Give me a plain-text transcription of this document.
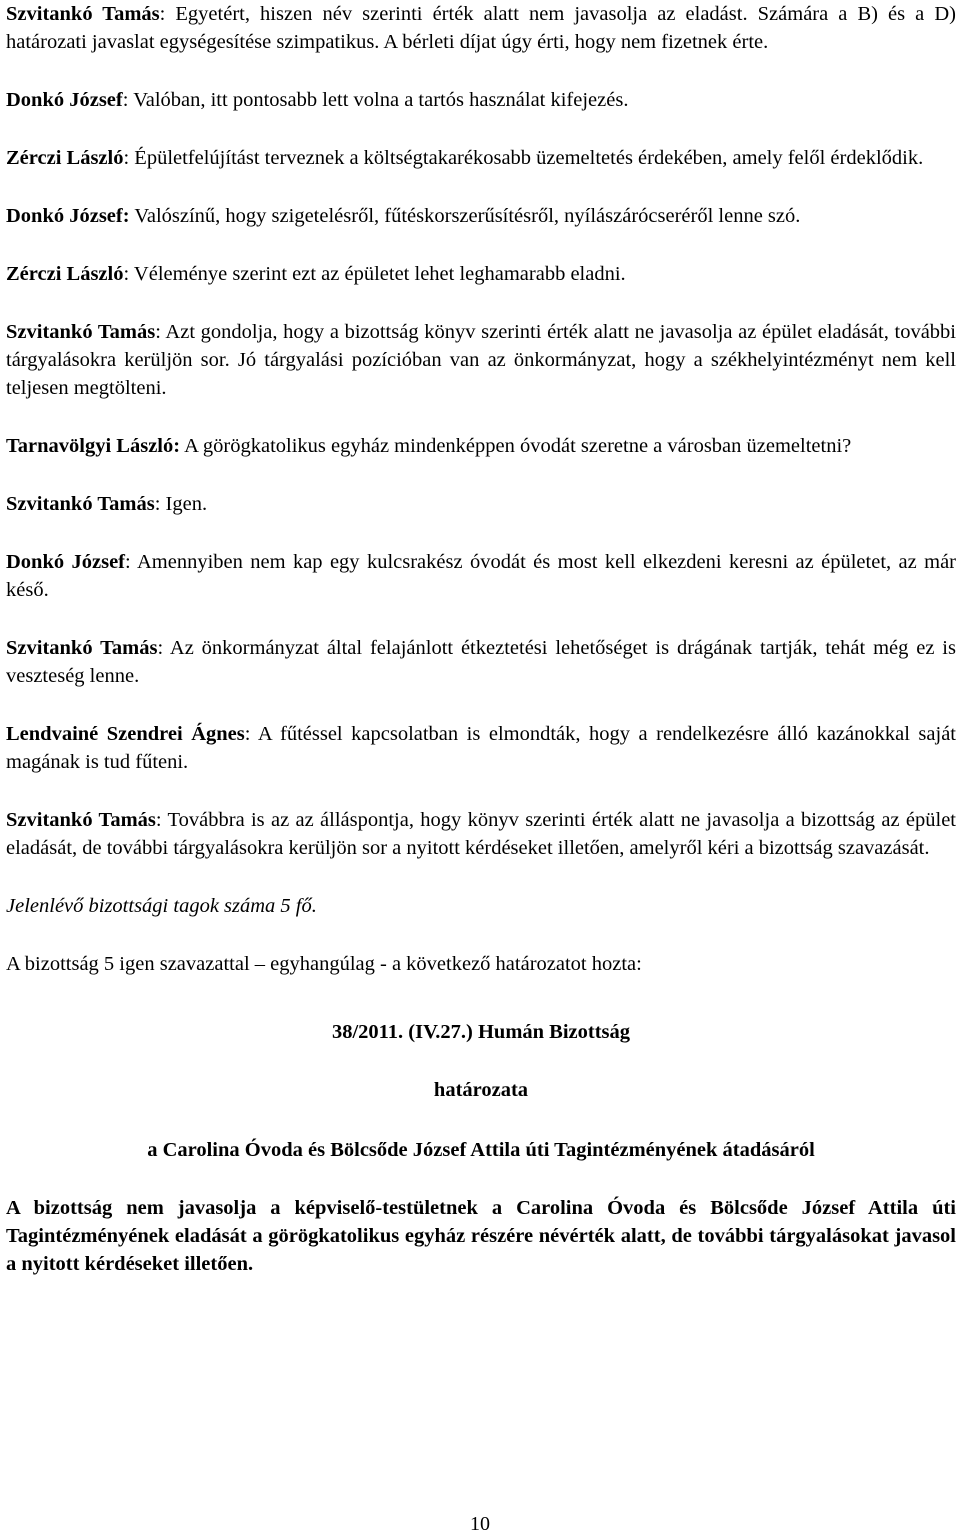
Szvitankó Tamás: Egyetért, hiszen név szerinti érték alatt nem javasolja az eladást. Számára a B) és a D) határozati javaslat egységesítése szimpatikus. A bérleti díjat úgy érti, hogy nem fizetnek érte.

Donkó József: Valóban, itt pontosabb lett volna a tartós használat kifejezés.

Zérczi László: Épületfelújítást terveznek a költségtakarékosabb üzemeltetés érdekében, amely felől érdeklődik.

Donkó József: Valószínű, hogy szigetelésről, fűtéskorszerűsítésről, nyílászárócseréről lenne szó.

Zérczi László: Véleménye szerint ezt az épületet lehet leghamarabb eladni.

Szvitankó Tamás: Azt gondolja, hogy a bizottság könyv szerinti érték alatt ne javasolja az épület eladását, további tárgyalásokra kerüljön sor. Jó tárgyalási pozícióban van az önkormányzat, hogy a székhelyintézményt nem kell teljesen megtölteni.

Tarnavölgyi László: A görögkatolikus egyház mindenképpen óvodát szeretne a városban üzemeltetni?

Szvitankó Tamás: Igen.

Donkó József: Amennyiben nem kap egy kulcsrakész óvodát és most kell elkezdeni keresni az épületet, az már késő.

Szvitankó Tamás: Az önkormányzat által felajánlott étkeztetési lehetőséget is drágának tartják, tehát még ez is veszteség lenne.

Lendvainé Szendrei Ágnes: A fűtéssel kapcsolatban is elmondták, hogy a rendelkezésre álló kazánokkal saját magának is tud fűteni.

Szvitankó Tamás: Továbbra is az az álláspontja, hogy könyv szerinti érték alatt ne javasolja a bizottság az épület eladását, de további tárgyalásokra kerüljön sor a nyitott kérdéseket illetően, amelyről kéri a bizottság szavazását.

Jelenlévő bizottsági tagok száma 5 fő.

A bizottság 5 igen szavazattal – egyhangúlag - a következő határozatot hozta:

38/2011. (IV.27.) Humán Bizottság

határozata

a Carolina Óvoda és Bölcsőde József Attila úti Tagintézményének átadásáról

A bizottság nem javasolja a képviselő-testületnek a Carolina Óvoda és Bölcsőde József Attila úti Tagintézményének eladását a görögkatolikus egyház részére névérték alatt, de további tárgyalásokat javasol a nyitott kérdéseket illetően.

10
